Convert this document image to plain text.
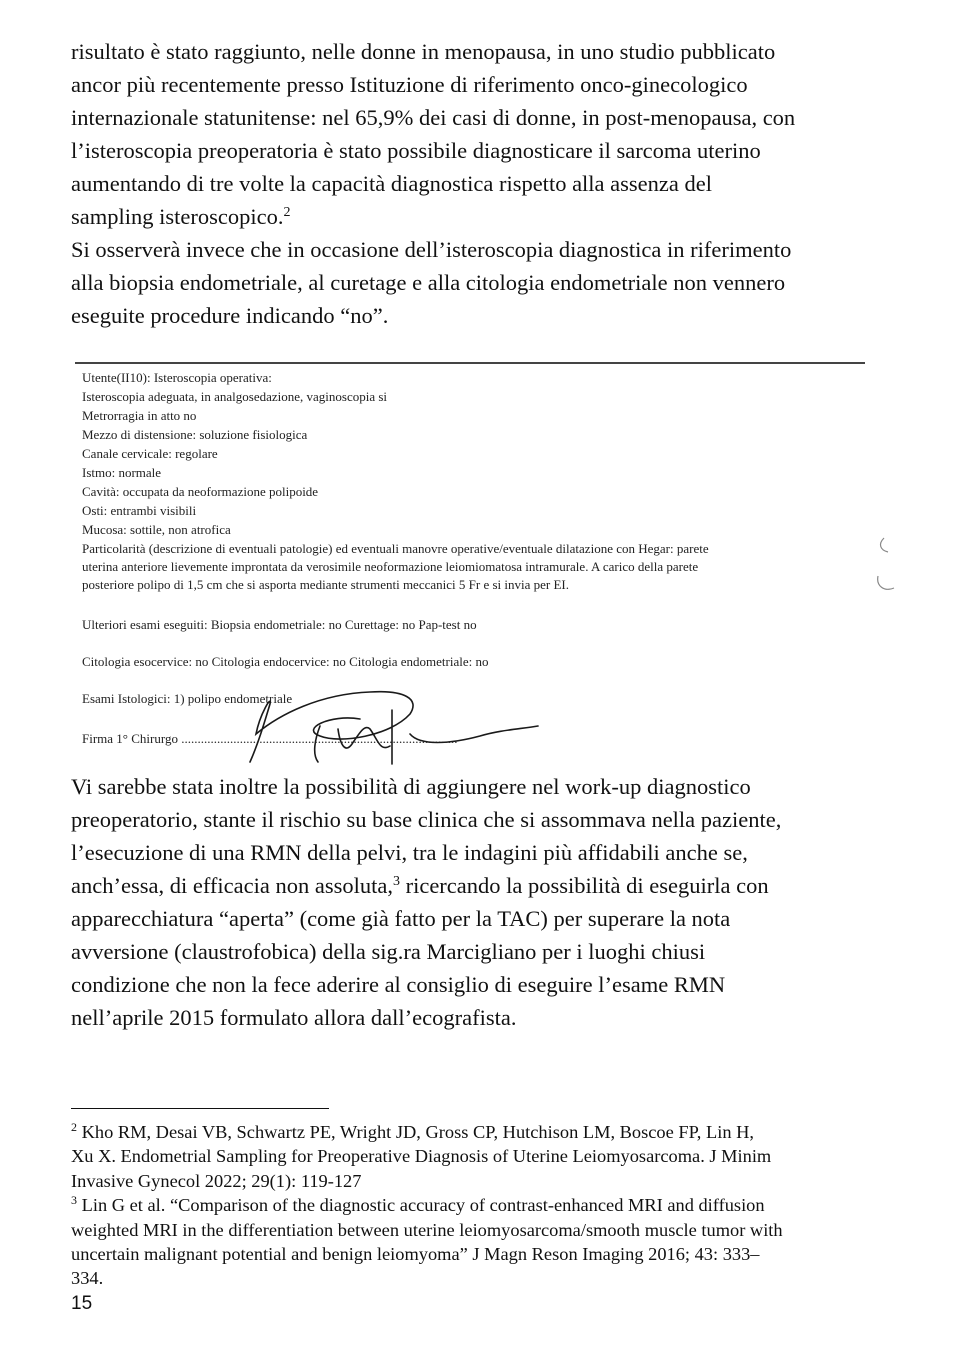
risultato è stato raggiunto, nelle donne in menopausa, in uno studio pubblicato
ancor più recentemente presso Istituzione di riferimento onco-ginecologico
internazionale statunitense: nel 65,9% dei casi di donne, in post-menopausa, con
l’isteroscopia preoperatoria è stato possibile diagnosticare il sarcoma uterino
aumentando di tre volte la capacità diagnostica rispetto alla assenza del
sampling isteroscopico.$^2$

Si osserverà invece che in occasione dell’isteroscopia diagnostica in riferimento
alla biopsia endometriale, al curetage e alla citologia endometriale non vennero
eseguite procedure indicando “no”.

Utente(II10): Isteroscopia operativa:
Isteroscopia adeguata, in analgosedazione, vaginoscopia si
Metrorragia in atto no
Mezzo di distensione: soluzione fisiologica
Canale cervicale: regolare
Istmo: normale
Cavità: occupata da neoformazione polipoide
Osti: entrambi visibili
Mucosa: sottile, non atrofica
Particolarità (descrizione di eventuali patologie) ed eventuali manovre operative/eventuale dilatazione con Hegar: parete
uterina anteriore lievemente improntata da verosimile neoformazione leiomiomatosa intramurale. A carico della parete
posteriore polipo di 1,5 cm che si asporta mediante strumenti meccanici 5 Fr e si invia per EI.
Ulteriori esami eseguiti: Biopsia endometriale: no Curettage: no Pap-test no
Citologia esocervice: no Citologia endocervice: no Citologia endometriale: no
Esami Istologici: 1) polipo endometriale
Firma 1° Chirurgo .....................................................................................

Vi sarebbe stata inoltre la possibilità di aggiungere nel work-up diagnostico
preoperatorio, stante il rischio su base clinica che si assommava nella paziente,
l’esecuzione di una RMN della pelvi, tra le indagini più affidabili anche se,
anch’essa, di efficacia non assoluta,$^3$ ricercando la possibilità di eseguirla con
apparecchiatura “aperta” (come già fatto per la TAC) per superare la nota
avversione (claustrofobica) della sig.ra Marcigliano per i luoghi chiusi
condizione che non la fece aderire al consiglio di eseguire l’esame RMN
nell’aprile 2015 formulato allora dall’ecografista.

$^2$ Kho RM, Desai VB, Schwartz PE, Wright JD, Gross CP, Hutchison LM, Boscoe FP, Lin H,
Xu X. Endometrial Sampling for Preoperative Diagnosis of Uterine Leiomyosarcoma. J Minim
Invasive Gynecol 2022; 29(1): 119-127

$^3$ Lin G et al. “Comparison of the diagnostic accuracy of contrast-enhanced MRI and diffusion
weighted MRI in the differentiation between uterine leiomyosarcoma/smooth muscle tumor with
uncertain malignant potential and benign leiomyoma” J Magn Reson Imaging 2016; 43: 333–
334.

15
